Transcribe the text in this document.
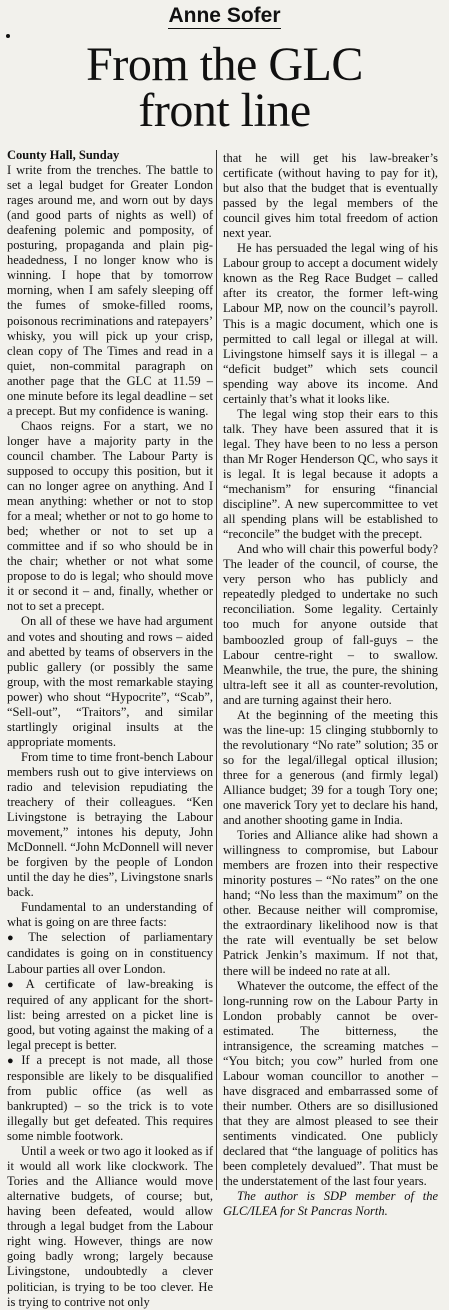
Anne Sofer
From the GLC
front line

County Hall, Sunday
I write from the trenches. The battle to set a legal budget for Greater London rages around me, and worn out by days (and good parts of nights as well) of deafening polemic and pomposity, of posturing, propaganda and plain pig-headedness, I no longer know who is winning. I hope that by tomorrow morning, when I am safely sleeping off the fumes of smoke-filled rooms, poisonous recriminations and ratepayers’ whisky, you will pick up your crisp, clean copy of The Times and read in a quiet, non-commital paragraph on another page that the GLC at 11.59 – one minute before its legal deadline – set a precept. But my confidence is waning.

Chaos reigns. For a start, we no longer have a majority party in the council chamber. The Labour Party is supposed to occupy this position, but it can no longer agree on anything. And I mean anything: whether or not to stop for a meal; whether or not to go home to bed; whether or not to set up a committee and if so who should be in the chair; whether or not what some propose to do is legal; who should move it or second it – and, finally, whether or not to set a precept.

On all of these we have had argument and votes and shouting and rows – aided and abetted by teams of observers in the public gallery (or possibly the same group, with the most remarkable staying power) who shout “Hypocrite”, “Scab”, “Sell-out”, “Traitors”, and similar startlingly original insults at the appropriate moments.

From time to time front-bench Labour members rush out to give interviews on radio and television repudiating the treachery of their colleagues. “Ken Livingstone is betraying the Labour movement,” intones his deputy, John McDonnell. “John McDonnell will never be forgiven by the people of London until the day he dies”, Livingstone snarls back.

Fundamental to an understanding of what is going on are three facts:

● The selection of parliamentary candidates is going on in constituency Labour parties all over London.

● A certificate of law-breaking is required of any applicant for the short-list: being arrested on a picket line is good, but voting against the making of a legal precept is better.

● If a precept is not made, all those responsible are likely to be disqualified from public office (as well as bankrupted) – so the trick is to vote illegally but get defeated. This requires some nimble footwork.

Until a week or two ago it looked as if it would all work like clockwork. The Tories and the Alliance would move alternative budgets, of course; but, having been defeated, would allow through a legal budget from the Labour right wing. However, things are now going badly wrong; largely because Livingstone, undoubtedly a clever politician, is trying to be too clever. He is trying to contrive not only

that he will get his law-breaker’s certificate (without having to pay for it), but also that the budget that is eventually passed by the legal members of the council gives him total freedom of action next year.

He has persuaded the legal wing of his Labour group to accept a document widely known as the Reg Race Budget – called after its creator, the former left-wing Labour MP, now on the council’s payroll. This is a magic document, which one is permitted to call legal or illegal at will. Livingstone himself says it is illegal – a “deficit budget” which sets council spending way above its income. And certainly that’s what it looks like.

The legal wing stop their ears to this talk. They have been assured that it is legal. They have been to no less a person than Mr Roger Henderson QC, who says it is legal. It is legal because it adopts a “mechanism” for ensuring “financial discipline”. A new supercommittee to vet all spending plans will be established to “reconcile” the budget with the precept.

And who will chair this powerful body? The leader of the council, of course, the very person who has publicly and repeatedly pledged to undertake no such reconciliation. Some legality. Certainly too much for anyone outside that bamboozled group of fall-guys – the Labour centre-right – to swallow. Meanwhile, the true, the pure, the shining ultra-left see it all as counter-revolution, and are turning against their hero.

At the beginning of the meeting this was the line-up: 15 clinging stubbornly to the revolutionary “No rate” solution; 35 or so for the legal/illegal optical illusion; three for a generous (and firmly legal) Alliance budget; 39 for a tough Tory one; one maverick Tory yet to declare his hand, and another shooting game in India.

Tories and Alliance alike had shown a willingness to compromise, but Labour members are frozen into their respective minority postures – “No rates” on the one hand; “No less than the maximum” on the other. Because neither will compromise, the extraordinary likelihood now is that the rate will eventually be set below Patrick Jenkin’s maximum. If not that, there will be indeed no rate at all.

Whatever the outcome, the effect of the long-running row on the Labour Party in London probably cannot be over-estimated. The bitterness, the intransigence, the screaming matches – “You bitch; you cow” hurled from one Labour woman councillor to another – have disgraced and embarrassed some of their number. Others are so disillusioned that they are almost pleased to see their sentiments vindicated. One publicly declared that “the language of politics has been completely devalued”. That must be the understatement of the last four years.

The author is SDP member of the GLC/ILEA for St Pancras North.
